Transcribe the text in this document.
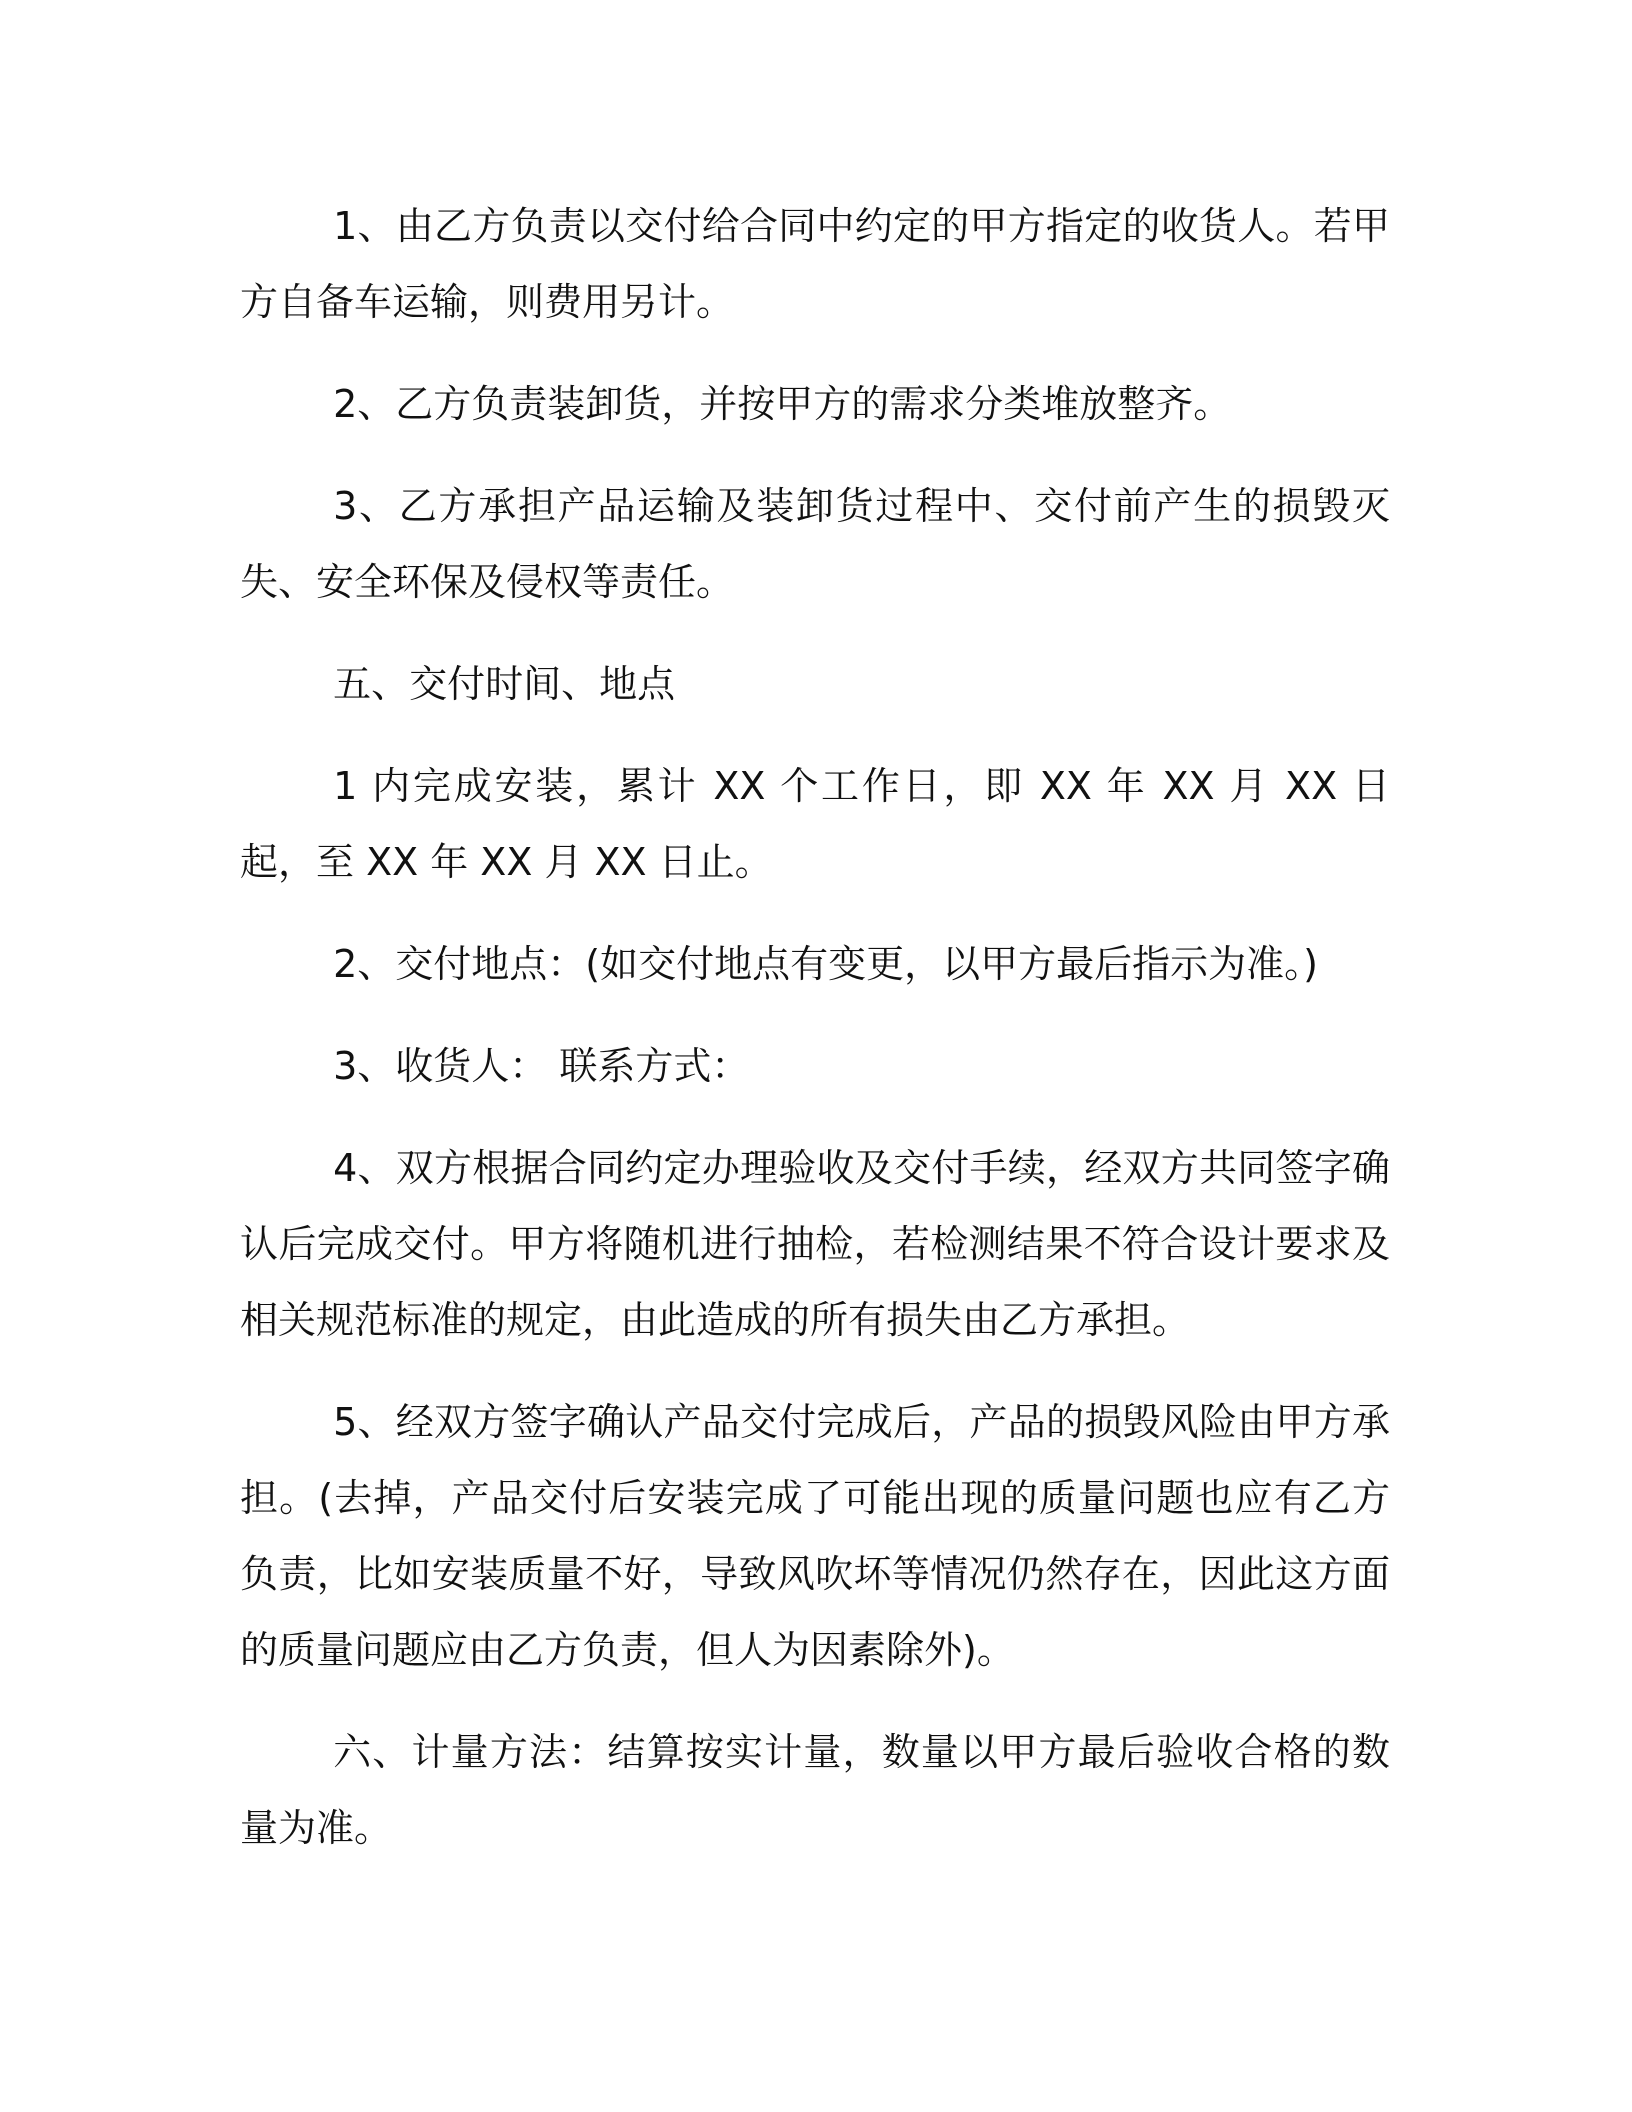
1、由乙方负责以交付给合同中约定的甲方指定的收货人。若甲方自备车运输，则费用另计。

2、乙方负责装卸货，并按甲方的需求分类堆放整齐。

3、乙方承担产品运输及装卸货过程中、交付前产生的损毁灭失、安全环保及侵权等责任。

五、交付时间、地点

1 内完成安装，累计 XX 个工作日，即 XX 年 XX 月 XX 日起，至 XX 年 XX 月 XX 日止。

2、交付地点：(如交付地点有变更，以甲方最后指示为准。)

3、收货人： 联系方式：

4、双方根据合同约定办理验收及交付手续，经双方共同签字确认后完成交付。甲方将随机进行抽检，若检测结果不符合设计要求及相关规范标准的规定，由此造成的所有损失由乙方承担。

5、经双方签字确认产品交付完成后，产品的损毁风险由甲方承担。(去掉，产品交付后安装完成了可能出现的质量问题也应有乙方负责，比如安装质量不好，导致风吹坏等情况仍然存在，因此这方面的质量问题应由乙方负责，但人为因素除外)。

六、计量方法：结算按实计量，数量以甲方最后验收合格的数量为准。
